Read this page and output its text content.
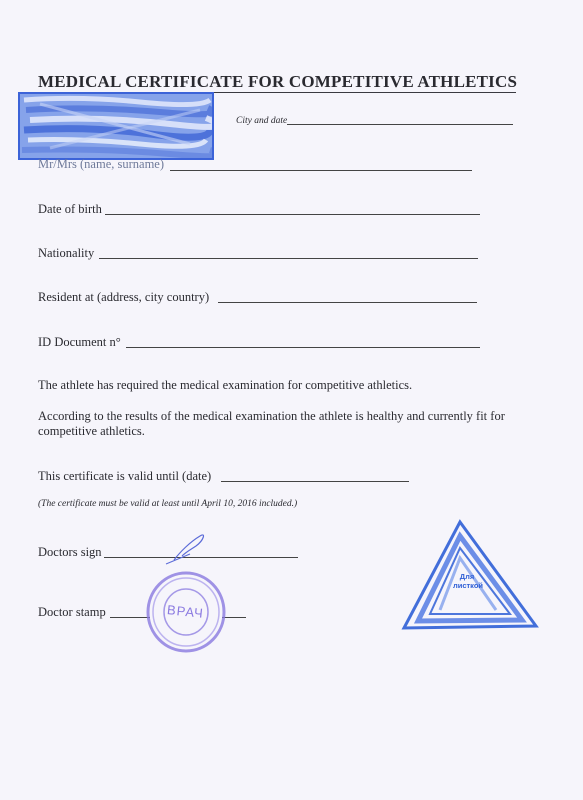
MEDICAL CERTIFICATE FOR COMPETITIVE ATHLETICS
City and date
Mr/Mrs (name, surname)
Date of birth
Nationality
Resident at (address, city country)
ID Document n°
The athlete has required the medical examination for competitive athletics.
According to the results of the medical examination the athlete is healthy and currently fit for competitive athletics.
This certificate is valid until (date)
(The certificate must be valid at least until April 10, 2016 included.)
Doctors sign
Doctor stamp	ВРАЧ
Для
листкой
